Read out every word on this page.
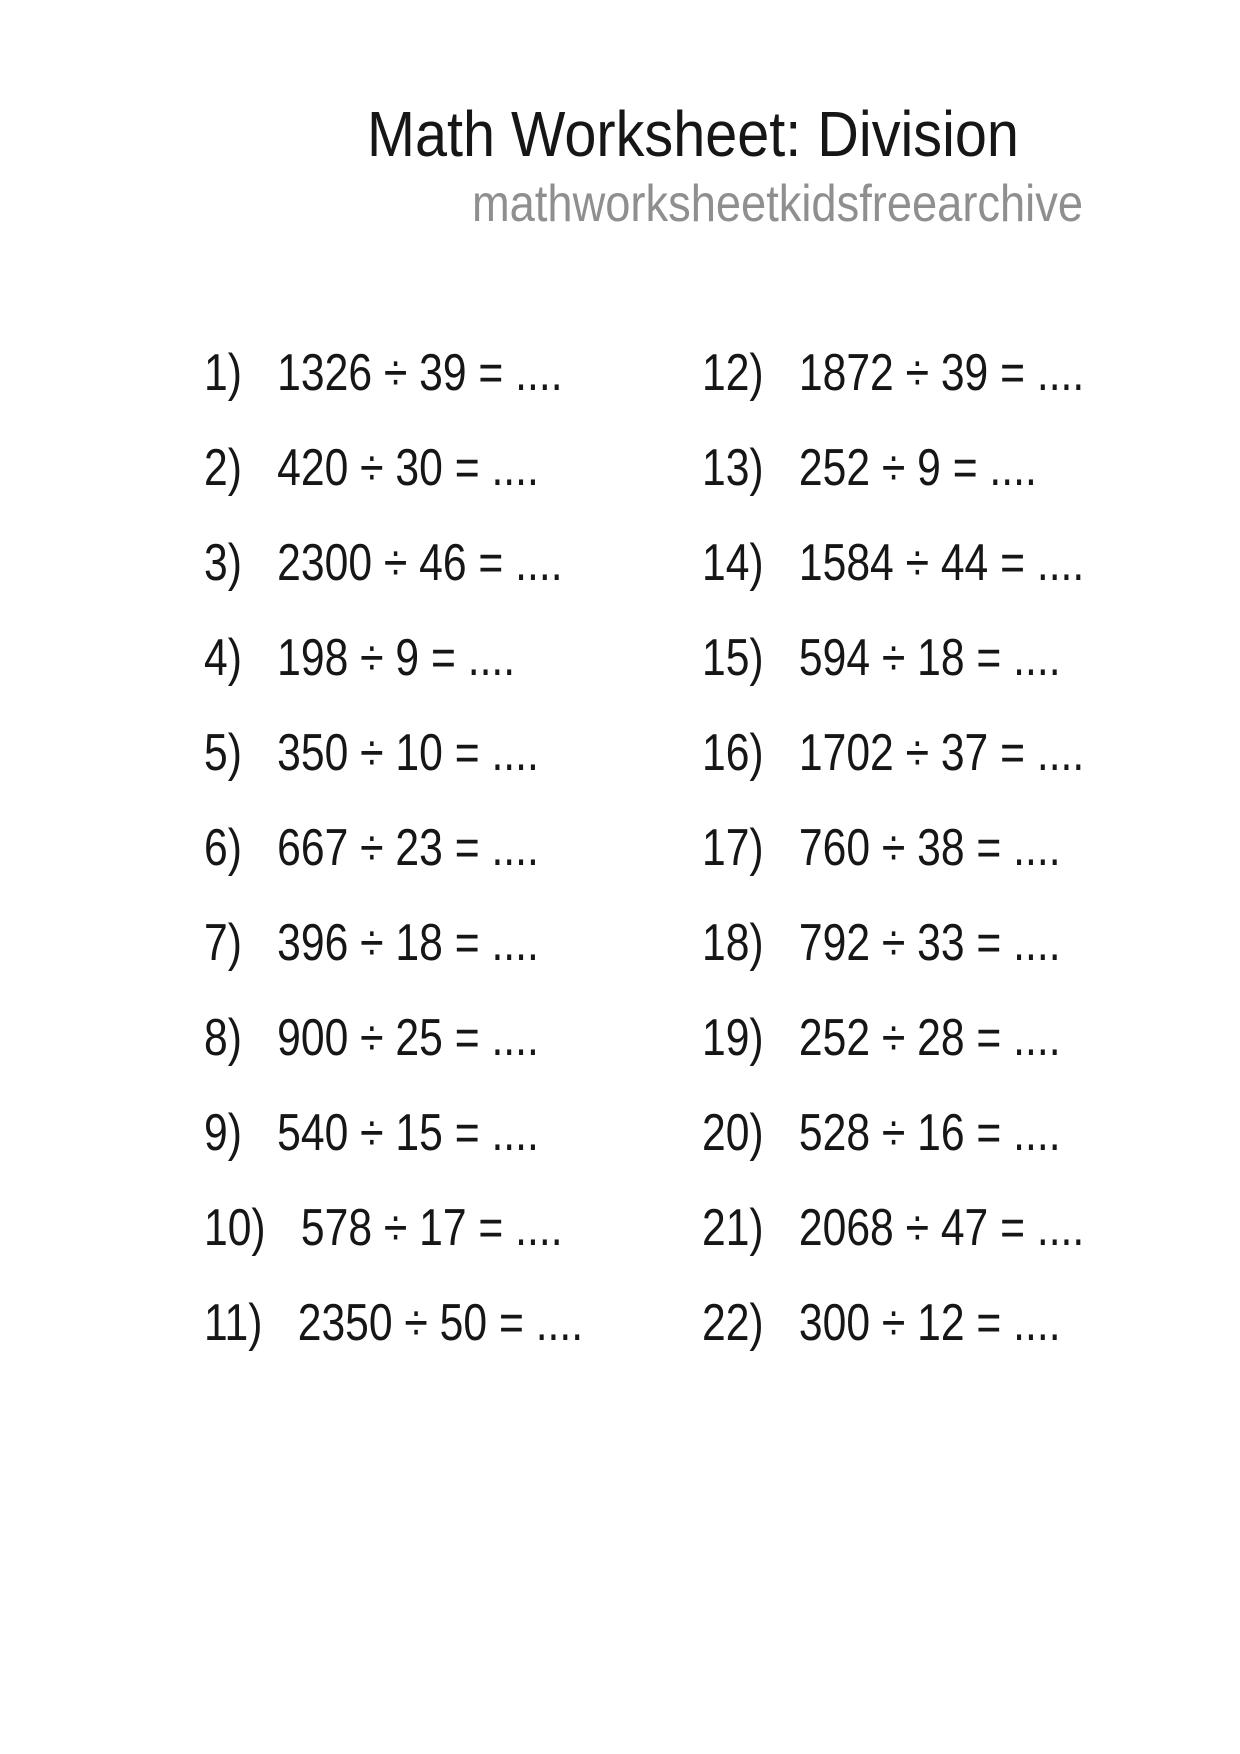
Math Worksheet: Division
mathworksheetkidsfreearchive
1) 1326 ÷ 39 = ....
2) 420 ÷ 30 = ....
3) 2300 ÷ 46 = ....
4) 198 ÷ 9 = ....
5) 350 ÷ 10 = ....
6) 667 ÷ 23 = ....
7) 396 ÷ 18 = ....
8) 900 ÷ 25 = ....
9) 540 ÷ 15 = ....
10) 578 ÷ 17 = ....
11) 2350 ÷ 50 = ....
12) 1872 ÷ 39 = ....
13) 252 ÷ 9 = ....
14) 1584 ÷ 44 = ....
15) 594 ÷ 18 = ....
16) 1702 ÷ 37 = ....
17) 760 ÷ 38 = ....
18) 792 ÷ 33 = ....
19) 252 ÷ 28 = ....
20) 528 ÷ 16 = ....
21) 2068 ÷ 47 = ....
22) 300 ÷ 12 = ....
